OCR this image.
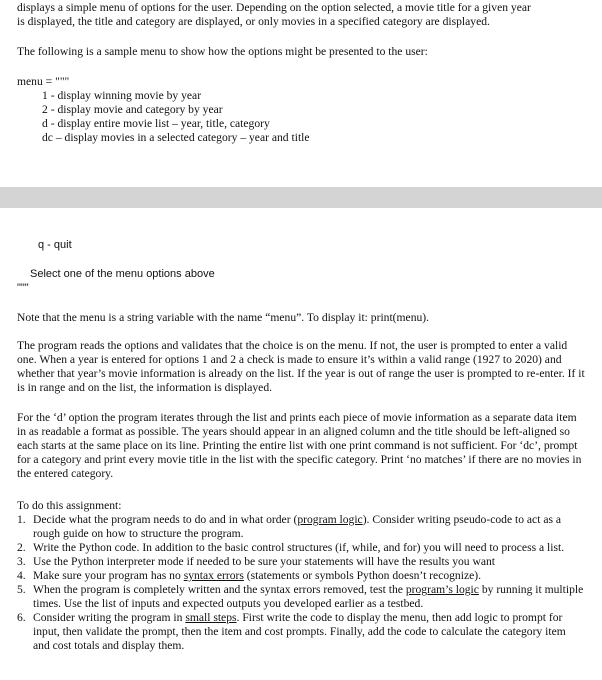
displays a simple menu of options for the user. Depending on the option selected, a movie title for a given year

is displayed, the title and category are displayed, or only movies in a specified category are displayed.

The following is a sample menu to show how the options might be presented to the user:

menu = """

1 - display winning movie by year

2 - display movie and category by year

d - display entire movie list – year, title, category

dc – display movies in a selected category – year and title

q - quit

Select one of the menu options above

"""

Note that the menu is a string variable with the name “menu”. To display it: print(menu).

The program reads the options and validates that the choice is on the menu. If not, the user is prompted to enter a valid one. When a year is entered for options 1 and 2 a check is made to ensure it’s within a valid range (1927 to 2020) and whether that year’s movie information is already on the list. If the year is out of range the user is prompted to re-enter. If it is in range and on the list, the information is displayed.

For the ‘d’ option the program iterates through the list and prints each piece of movie information as a separate data item in as readable a format as possible. The years should appear in an aligned column and the title should be left-aligned so each starts at the same place on its line. Printing the entire list with one print command is not sufficient. For ‘dc’, prompt for a category and print every movie title in the list with the specific category. Print ‘no matches’ if there are no movies in the entered category.

To do this assignment:

1. Decide what the program needs to do and in what order (program logic). Consider writing pseudo-code to act as a rough guide on how to structure the program.
2. Write the Python code. In addition to the basic control structures (if, while, and for) you will need to process a list.
3. Use the Python interpreter mode if needed to be sure your statements will have the results you want
4. Make sure your program has no syntax errors (statements or symbols Python doesn’t recognize).
5. When the program is completely written and the syntax errors removed, test the program’s logic by running it multiple times. Use the list of inputs and expected outputs you developed earlier as a testbed.
6. Consider writing the program in small steps. First write the code to display the menu, then add logic to prompt for input, then validate the prompt, then the item and cost prompts. Finally, add the code to calculate the category item and cost totals and display them.
